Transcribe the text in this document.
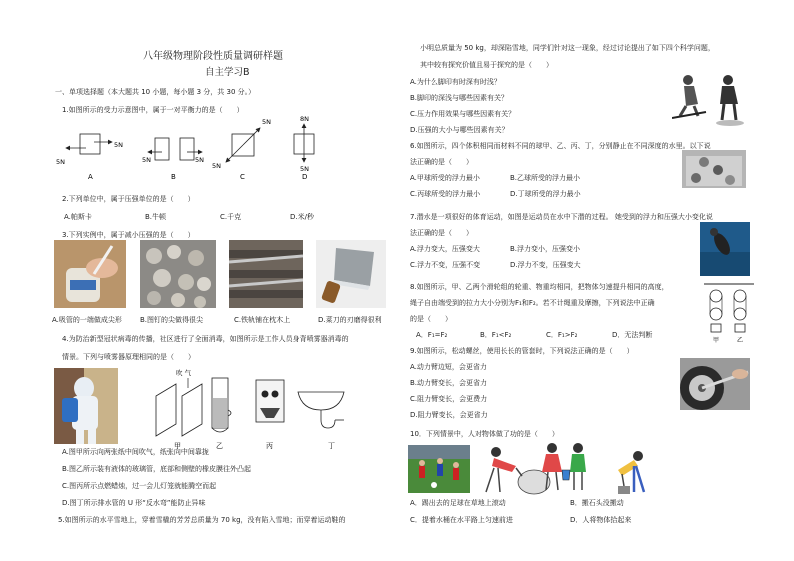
八年级物理阶段性质量调研样题
自主学习B
一、单项选择题（本大题共 10 小题，每小题 3 分，共 30 分。）
1.如图所示的受力示意图中，属于一对平衡力的是（　　）
5N
5N
A
5N	5N
B
5N
5N
C
8N
5N
D
2.下列单位中，属于压强单位的是（　　）
A.帕斯卡	B.牛顿	C.千克	D.米/秒
3.下列实例中，属于减小压强的是（　　）
A.吸管的一端做成尖形	B.图钉的尖做得很尖	C.铁轨铺在枕木上	D.菜刀的刃磨得很利
4.为防治新型冠状病毒的传播，社区进行了全面消毒，如图所示是工作人员身背喷雾器消毒的
情景。下列与喷雾器原理相同的是（　　）
吹 气
甲	乙	丙	丁
A.图甲所示向两张纸中间吹气，纸张向中间靠拢
B.图乙所示装有液体的玻璃管，底部和侧壁的橡皮膜往外凸起
C.图丙所示点燃蜡烛，过一会儿灯笼就能腾空而起
D.图丁所示排水管的 U 形“反水弯”能防止异味
5.如图所示的水平雪地上，穿着雪橇的芳芳总质量为 70 kg，没有陷入雪地；而穿着运动鞋的
小明总质量为 50 kg，却深陷雪地，同学们针对这一现象，经过讨论提出了如下四个科学问题，
其中较有探究价值且易于探究的是（　　）
A.为什么脚印有时深有时浅？
B.脚印的深浅与哪些因素有关？
C.压力作用效果与哪些因素有关？
D.压强的大小与哪些因素有关？
6.如图所示，四个体积相同而材料不同的球甲、乙、丙、丁，分别静止在不同深度的水里。以下说
法正确的是（　　）
A.甲球所受的浮力最小	B.乙球所受的浮力最小
C.丙球所受的浮力最小	D.丁球所受的浮力最小
7.潜水是一项很好的体育运动，如图是运动员在水中下潜的过程。 她受到的浮力和压强大小变化说
法正确的是（　　）
A.浮力变大，压强变大	B.浮力变小，压强变小
C.浮力不变，压强不变	D.浮力不变，压强变大
8.如图所示，甲、乙两个滑轮组的轮重、物重均相同，把物体匀速提升相同的高度，
绳子自由端受到的拉力大小分别为F₁和F₂。若不计绳重及摩擦，下列说法中正确
的是（　　）
A．F₁=F₂	B．F₁<F₂	C．F₁>F₂	D．无法判断
甲	乙
9.如图所示，松动螺丝，使用长长的管套时，下列说法正确的是（　　）
A.动力臂边短，会更省力
B.动力臂变长，会更省力
C.阻力臂变长，会更费力
D.阻力臂变长，会更省力
10．下列情景中，人对物体做了功的是（　　）
A．踢出去的足球在草地上滚动	B．搬石头没搬动
C．提着水桶在水平路上匀速前进	D．人将物体拾起来
